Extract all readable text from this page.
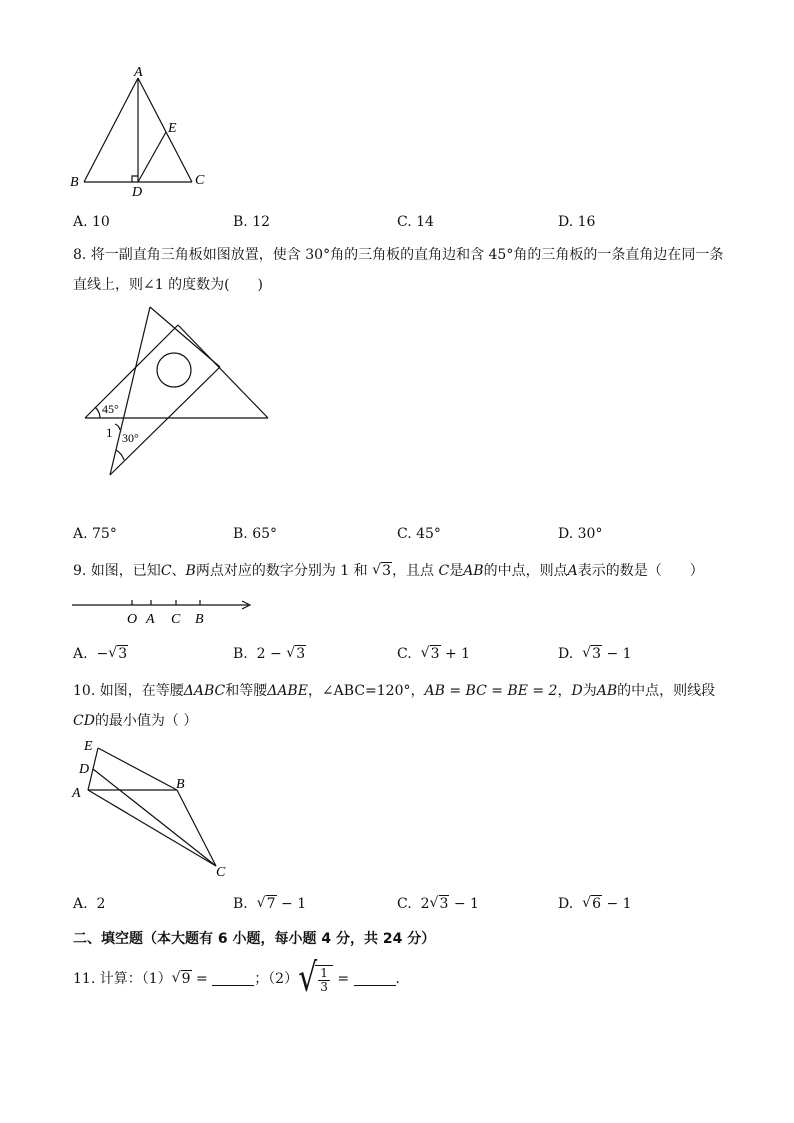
A
E
B	C
D
A. 10	B. 12	C. 14	D. 16
8. 将一副直角三角板如图放置，使含 30°角的三角板的直角边和含 45°角的三角板的一条直角边在同一条
直线上，则∠1 的度数为(　　)
45°
1 30°
A. 75°	B. 65°	C. 45°	D. 30°
9. 如图，已知C、B两点对应的数字分别为 1 和 √ 3，且点 C是AB的中点，则点A表示的数是（　　）
O A C B
A. − √ 3	B. 2 − √ 3	C. √ 3 + 1	D. √ 3 − 1
10. 如图，在等腰ΔABC和等腰ΔABE，∠ABC=120°，AB = BC = BE = 2，D为AB的中点，则线段
CD的最小值为（ ）
E
D
A
B
C
A. 2	B. √ 7 − 1	C. 2 √ 3 − 1	D. √ 6 − 1
二、填空题（本大题有 6 小题，每小题 4 分，共 24 分）
11. 计算：（1） √ 9 =	；（2） √
$\frac{1}{3}$ =	.
